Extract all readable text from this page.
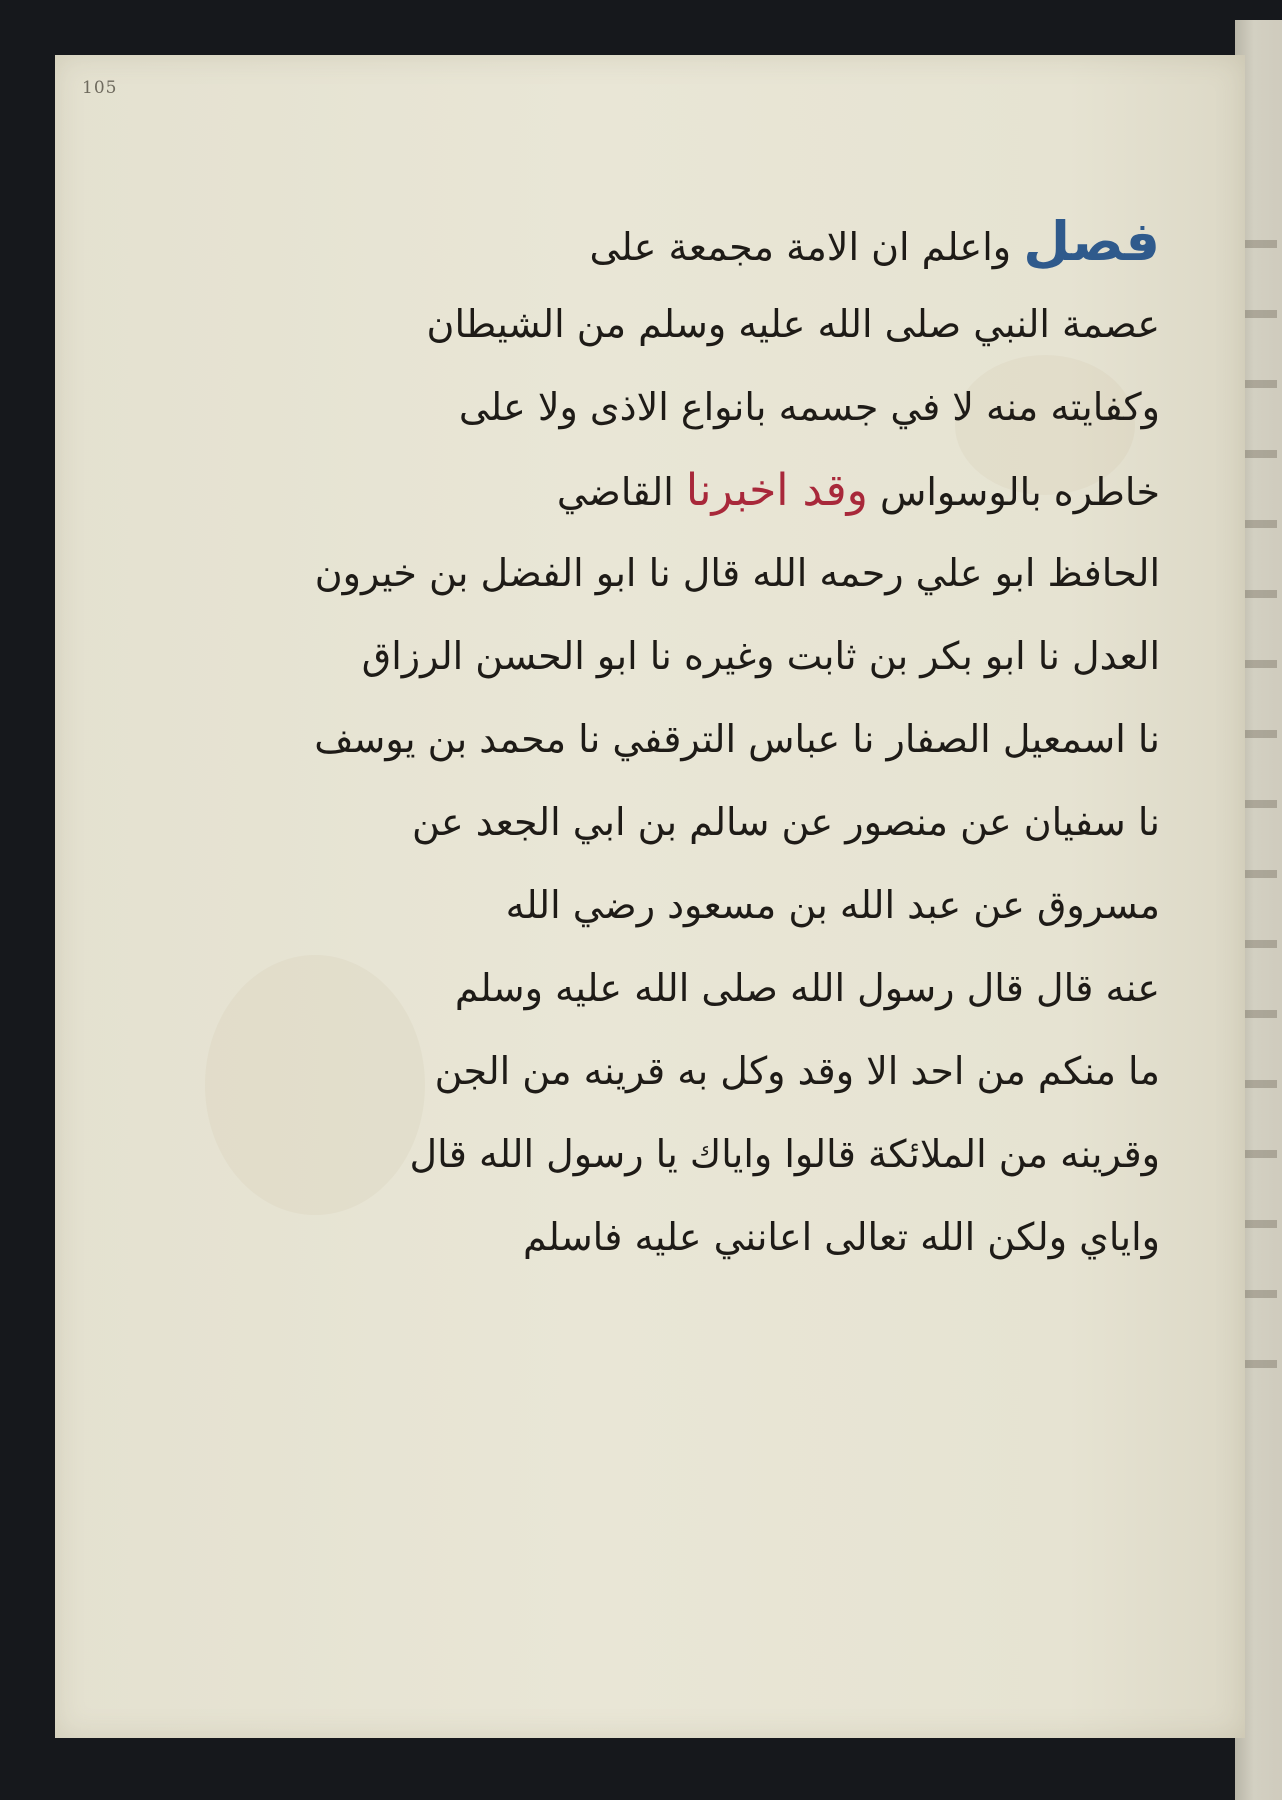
105
فصل واعلم ان الامة مجمعة على
عصمة النبي صلى الله عليه وسلم من الشيطان
وكفايته منه لا في جسمه بانواع الاذى ولا على
خاطره بالوسواس وقد اخبرنا القاضي
الحافظ ابو علي رحمه الله قال نا ابو الفضل بن خيرون
العدل نا ابو بكر بن ثابت وغيره نا ابو الحسن الرزاق
نا اسمعيل الصفار نا عباس الترقفي نا محمد بن يوسف
نا سفيان عن منصور عن سالم بن ابي الجعد عن
مسروق عن عبد الله بن مسعود رضي الله
عنه قال قال رسول الله صلى الله عليه وسلم
ما منكم من احد الا وقد وكل به قرينه من الجن
وقرينه من الملائكة قالوا واياك يا رسول الله قال
واياي ولكن الله تعالى اعانني عليه فاسلم
